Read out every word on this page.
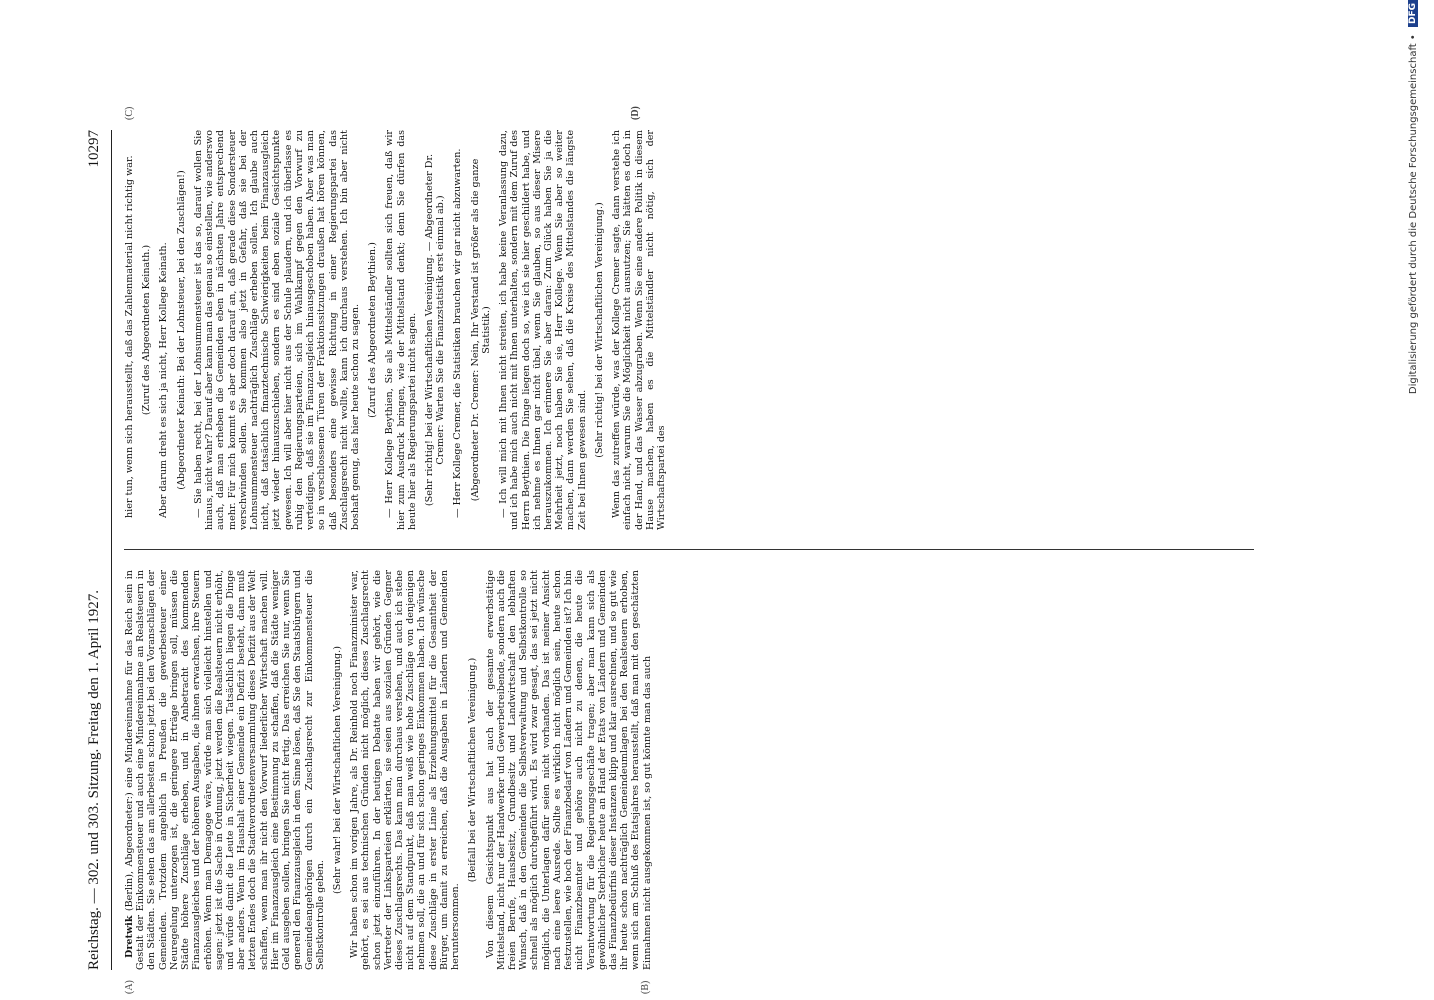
Reichstag. — 302. und 303. Sitzung. Freitag den 1. April 1927.
10297
(A)	(B)
(C)	(D)

Dretwik (Berlin), Abgeordneter:) eine Mindereinnahme für das Reich sein in Gestalt der Einkommensteuer und auch eine Mindereinnahme an Realsteuern in den Städten. Sie sehen das am allerbesten schon jetzt bei den Voranschlägen der Gemeinden. Trotzdem angeblich in Preußen die gewerbesteuer einer Neuregelung unterzogen ist, die geringere Erträge bringen soll, müssen die Städte höhere Zuschläge erheben, und in Anbetracht des kommenden Finanzausgleiches und der höheren Ausgaben, die ihnen erwachsen, ihre Steuern erhöhen. Wenn man Demagoge wäre, würde man sich vielleicht hinstellen und sagen: jetzt ist die Sache in Ordnung, jetzt werden die Realsteuern nicht erhöht, und würde damit die Leute in Sicherheit wiegen. Tatsächlich liegen die Dinge aber anders. Wenn im Haushalt einer Gemeinde ein Defizit besteht, dann muß letzten Endes doch die Stadtverordnetenversammlung dieses Defizit aus der Welt schaffen, wenn man ihr nicht den Vorwurf liederlicher Wirtschaft machen will. Hier im Finanzausgleich eine Bestimmung zu schaffen, daß die Städte weniger Geld ausgeben sollen, bringen Sie nicht fertig. Das erreichen Sie nur, wenn Sie generell den Finanzausgleich in dem Sinne lösen, daß Sie den Staatsbürgern und Gemeindeangehörigen durch ein Zuschlagsrecht zur Einkommensteuer die Selbstkontrolle geben.

(Sehr wahr! bei der Wirtschaftlichen Vereinigung.) Wir haben schon im vorigen Jahre, als Dr. Reinhold noch Finanzminister war, gehört, es sei aus technischen Gründen nicht möglich, dieses Zuschlagsrecht schon jetzt einzuführen. In der heutigen Debatte haben wir gehört, wie die Vertreter der Linksparteien erklärten, sie seien aus sozialen Gründen Gegner dieses Zuschlagsrechts. Das kann man durchaus verstehen, und auch ich stehe nicht auf dem Standpunkt, daß man weiß wie hohe Zuschläge von denjenigen nehmen soll, die an und für sich schon geringes Einkommen haben. Ich wünsche diese Zuschläge in erster Linie als Erziehungsmittel für die Gesamtheit der Bürger, um damit zu erreichen, daß die Ausgaben in Ländern und Gemeinden heruntersommen.

(Beifall bei der Wirtschaftlichen Vereinigung.) Von diesem Gesichtspunkt aus hat auch der gesamte erwerbstätige Mittelstand, nicht nur der Handwerker und Gewerbetreibende, sondern auch die freien Berufe, Hausbesitz, Grundbesitz und Landwirtschaft den lebhaften Wunsch, daß in den Gemeinden die Selbstverwaltung und Selbstkontrolle so schnell als möglich durchgeführt wird. Es wird zwar gesagt, das sei jetzt nicht möglich, die Unterlagen dafür seien nicht vorhanden. Das ist meiner Ansicht nach eine leere Ausrede. Sollte es wirklich nicht möglich sein, heute schon festzustellen, wie hoch der Finanzbedarf von Ländern und Gemeinden ist? Ich bin nicht Finanzbeamter und gehöre auch nicht zu denen, die heute die Verantwortung für die Regierungsgeschäfte tragen; aber man kann sich als gewöhnlicher Sterblicher heute an Hand der Etats von Ländern und Gemeinden das Finanzbedürfnis dieser Instanzen klipp und klar ausrechnen, und so gut wie ihr heute schon nachträglich Gemeindeumlagen bei den Realsteuern erhoben, wenn sich am Schluß des Etatsjahres herausstellt, daß man mit den geschätzten Einnahmen nicht ausgekommen ist, so gut könnte man das auch

hier tun, wenn sich herausstellt, daß das Zahlenmaterial nicht richtig war. (Zuruf des Abgeordneten Keinath.) Aber darum dreht es sich ja nicht, Herr Kollege Keinath. (Abgeordneter Keinath: Bei der Lohnsteuer, bei den Zuschlägen!) — Sie haben recht, bei der Lohnsummensteuer ist das so, darauf wollen Sie hinaus, nicht wahr? Darauf aber kann man das genau so einstellen, wie anderswo auch, daß man erheben die Gemeinden eben in nächsten Jahre entsprechend mehr. Für mich kommt es aber doch darauf an, daß gerade diese Sondersteuer verschwinden sollen. Sie kommen also jetzt in Gefahr, daß sie bei der Lohnsummensteuer nachträglich Zuschläge erheben sollen. Ich glaube auch nicht, daß tatsächlich finanztechnische Schwierigkeiten beim Finanzausgleich jetzt wieder hinauszuschieben, sondern es sind eben soziale Gesichtspunkte gewesen. Ich will aber hier nicht aus der Schule plaudern, und ich überlasse es ruhig den Regierungsparteien, sich im Wahlkampf gegen den Vorwurf zu verteidigen, daß sie im Finanzausgleich hinausgeschoben haben. Aber was man so in verschlossenen Türen der Fraktionssitzungen draußen hat hören können, daß besonders eine gewisse Richtung in einer Regierungspartei das Zuschlagsrecht nicht wollte, kann ich durchaus verstehen. Ich bin aber nicht boshaft genug, das hier heute schon zu sagen. (Zuruf des Abgeordneten Beythien.) — Herr Kollege Beythien, Sie als Mittelständler sollten sich freuen, daß wir hier zum Ausdruck bringen, wie der Mittelstand denkt; denn Sie dürfen das heute hier als Regierungspartei nicht sagen. (Sehr richtig! bei der Wirtschaftlichen Vereinigung. — Abgeordneter Dr. Cremer: Warten Sie die Finanzstatistik erst einmal ab.) — Herr Kollege Cremer, die Statistiken brauchen wir gar nicht abzuwarten. (Abgeordneter Dr. Cremer: Nein, Ihr Verstand ist größer als die ganze Statistik.) — Ich will mich mit Ihnen nicht streiten, ich habe keine Veranlassung dazu, und ich habe mich auch nicht mit Ihnen unterhalten, sondern mit dem Zuruf des Herrn Beythien. Die Dinge liegen doch so, wie ich sie hier geschildert habe, und ich nehme es Ihnen gar nicht übel, wenn Sie glauben, so aus dieser Misere herauszukommen. Ich erinnere Sie aber daran: Zum Glück haben Sie ja die Mehrheit jetzt, noch haben Sie sie, Herr Kollege. Wenn Sie aber so weiter machen, dann werden Sie sehen, daß die Kreise des Mittelstandes die längste Zeit bei Ihnen gewesen sind.

(Sehr richtig! bei der Wirtschaftlichen Vereinigung.) Wenn das zutreffen würde, was der Kollege Cremer sagte, dann verstehe ich einfach nicht, warum Sie die Möglichkeit nicht ausnutzen; Sie hätten es doch in der Hand, und das Wasser abzugraben. Wenn Sie eine andere Politik in diesem Hause machen, haben es die Mittelständler nicht nötig, sich der Wirtschaftspartei des

Digitalisierung gefördert durch die Deutsche Forschungsgemeinschaft • DFG
